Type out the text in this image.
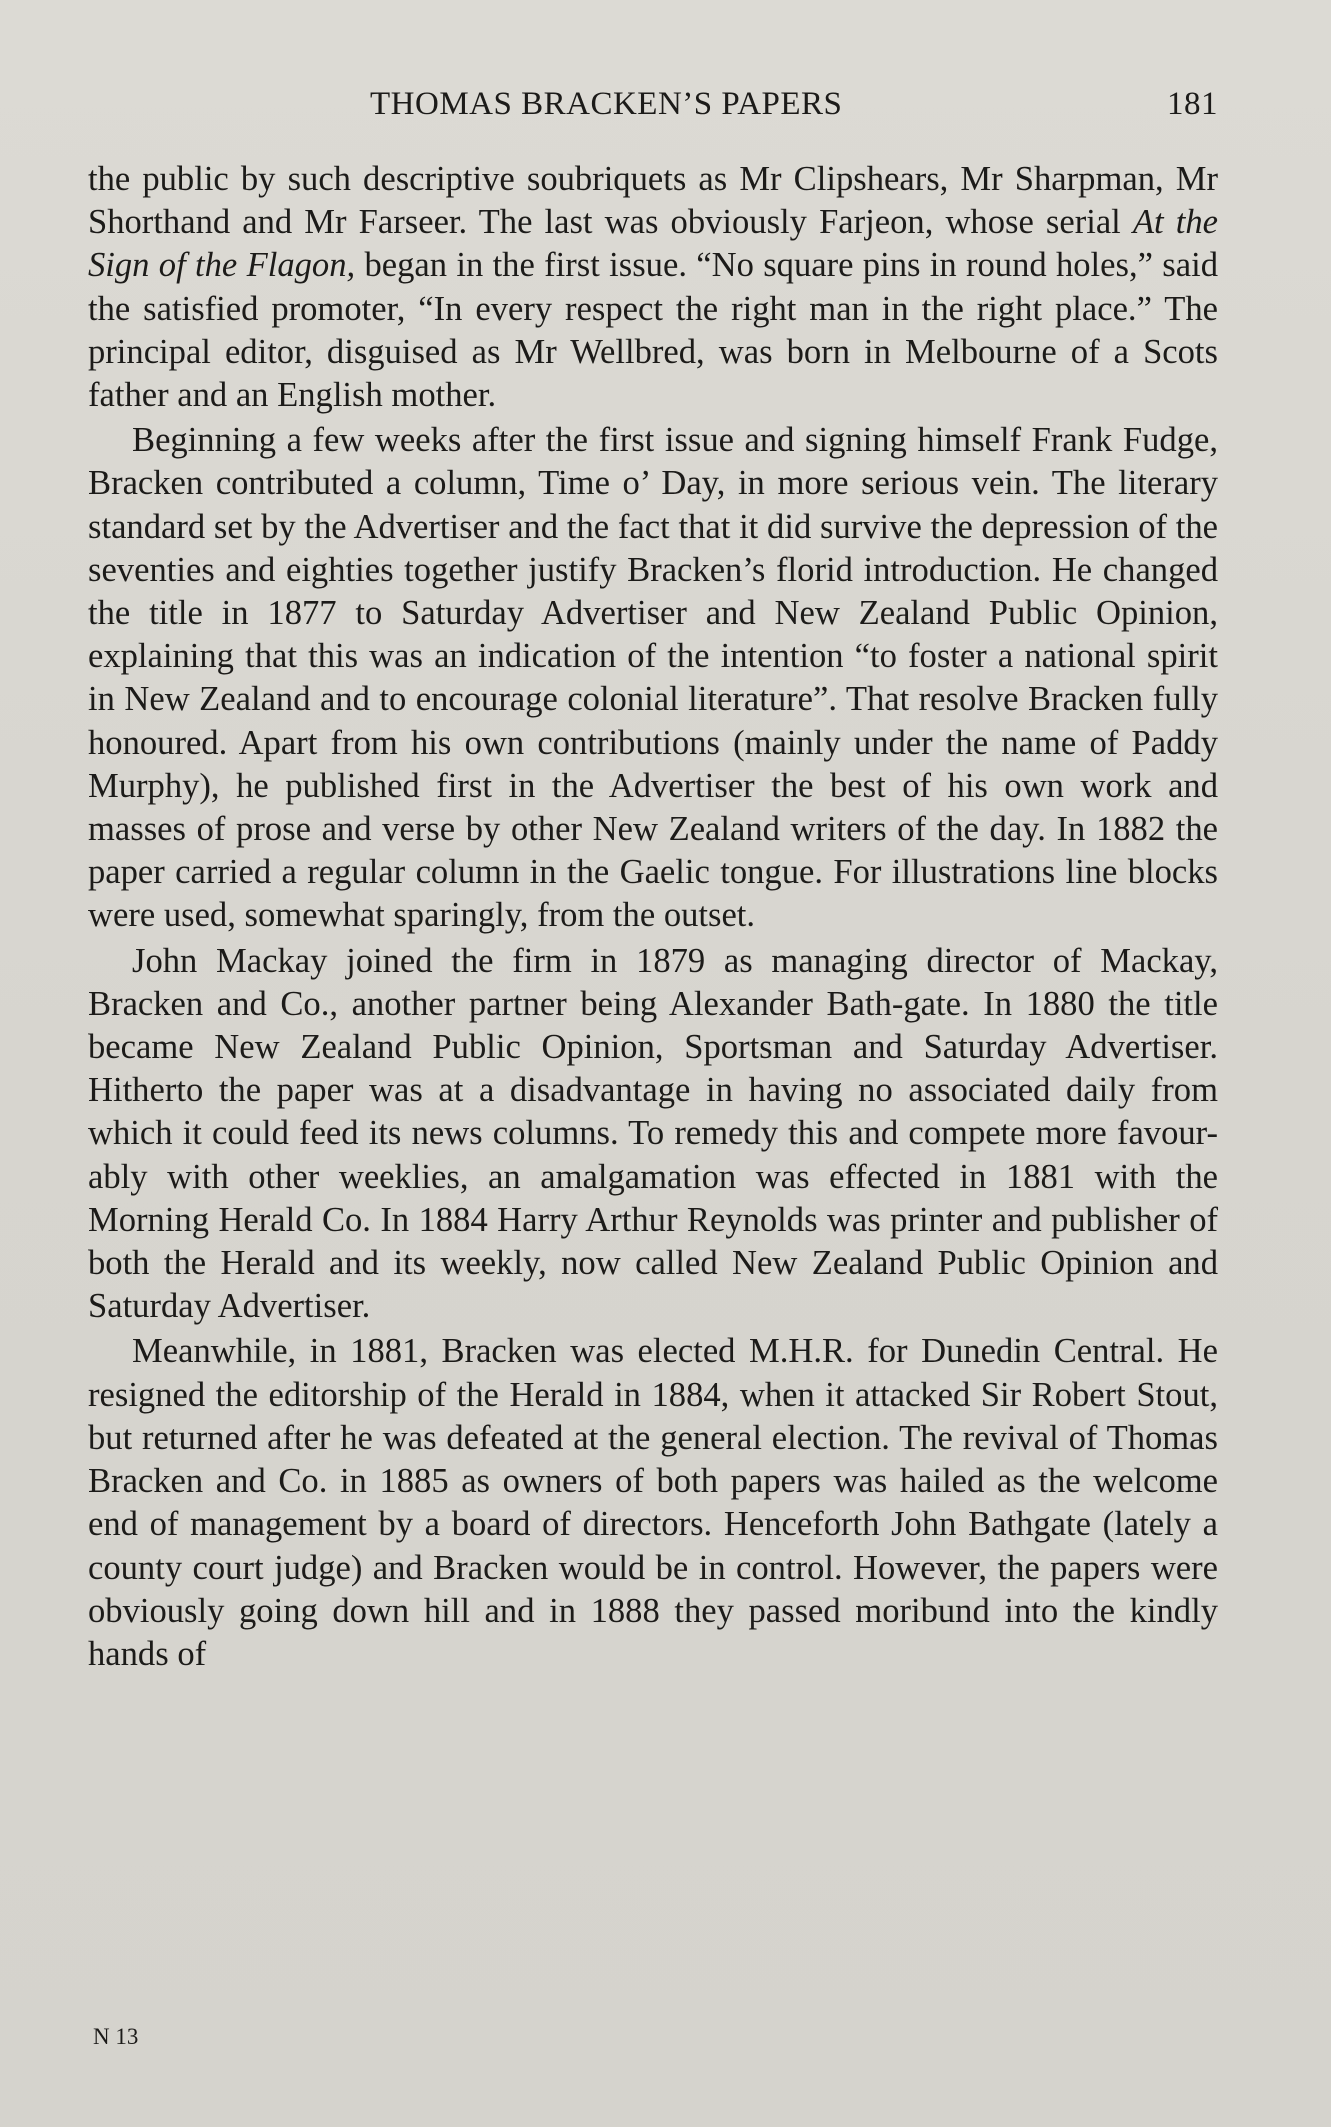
THOMAS BRACKEN’S PAPERS	181

the public by such descriptive soubriquets as Mr Clipshears, Mr Sharpman, Mr Shorthand and Mr Farseer. The last was obviously Farjeon, whose serial At the Sign of the Flagon, began in the first issue. “No square pins in round holes,” said the satisfied promoter, “In every respect the right man in the right place.” The principal editor, disguised as Mr Wellbred, was born in Melbourne of a Scots father and an English mother.

Beginning a few weeks after the first issue and signing himself Frank Fudge, Bracken contributed a column, Time o’ Day, in more serious vein. The literary standard set by the Advertiser and the fact that it did survive the depression of the seventies and eighties together justify Bracken’s florid introduction. He changed the title in 1877 to Saturday Advertiser and New Zealand Public Opinion, explaining that this was an indication of the intention “to foster a national spirit in New Zealand and to encourage colonial literature”. That resolve Bracken fully honoured. Apart from his own contributions (mainly under the name of Paddy Murphy), he published first in the Advertiser the best of his own work and masses of prose and verse by other New Zealand writers of the day. In 1882 the paper carried a regular column in the Gaelic tongue. For illustrations line blocks were used, somewhat sparingly, from the outset.

John Mackay joined the firm in 1879 as managing director of Mackay, Bracken and Co., another partner being Alexander Bath-gate. In 1880 the title became New Zealand Public Opinion, Sportsman and Saturday Advertiser. Hitherto the paper was at a disadvantage in having no associated daily from which it could feed its news columns. To remedy this and compete more favour-ably with other weeklies, an amalgamation was effected in 1881 with the Morning Herald Co. In 1884 Harry Arthur Reynolds was printer and publisher of both the Herald and its weekly, now called New Zealand Public Opinion and Saturday Advertiser.

Meanwhile, in 1881, Bracken was elected M.H.R. for Dunedin Central. He resigned the editorship of the Herald in 1884, when it attacked Sir Robert Stout, but returned after he was defeated at the general election. The revival of Thomas Bracken and Co. in 1885 as owners of both papers was hailed as the welcome end of management by a board of directors. Henceforth John Bathgate (lately a county court judge) and Bracken would be in control. However, the papers were obviously going down hill and in 1888 they passed moribund into the kindly hands of

N 13
